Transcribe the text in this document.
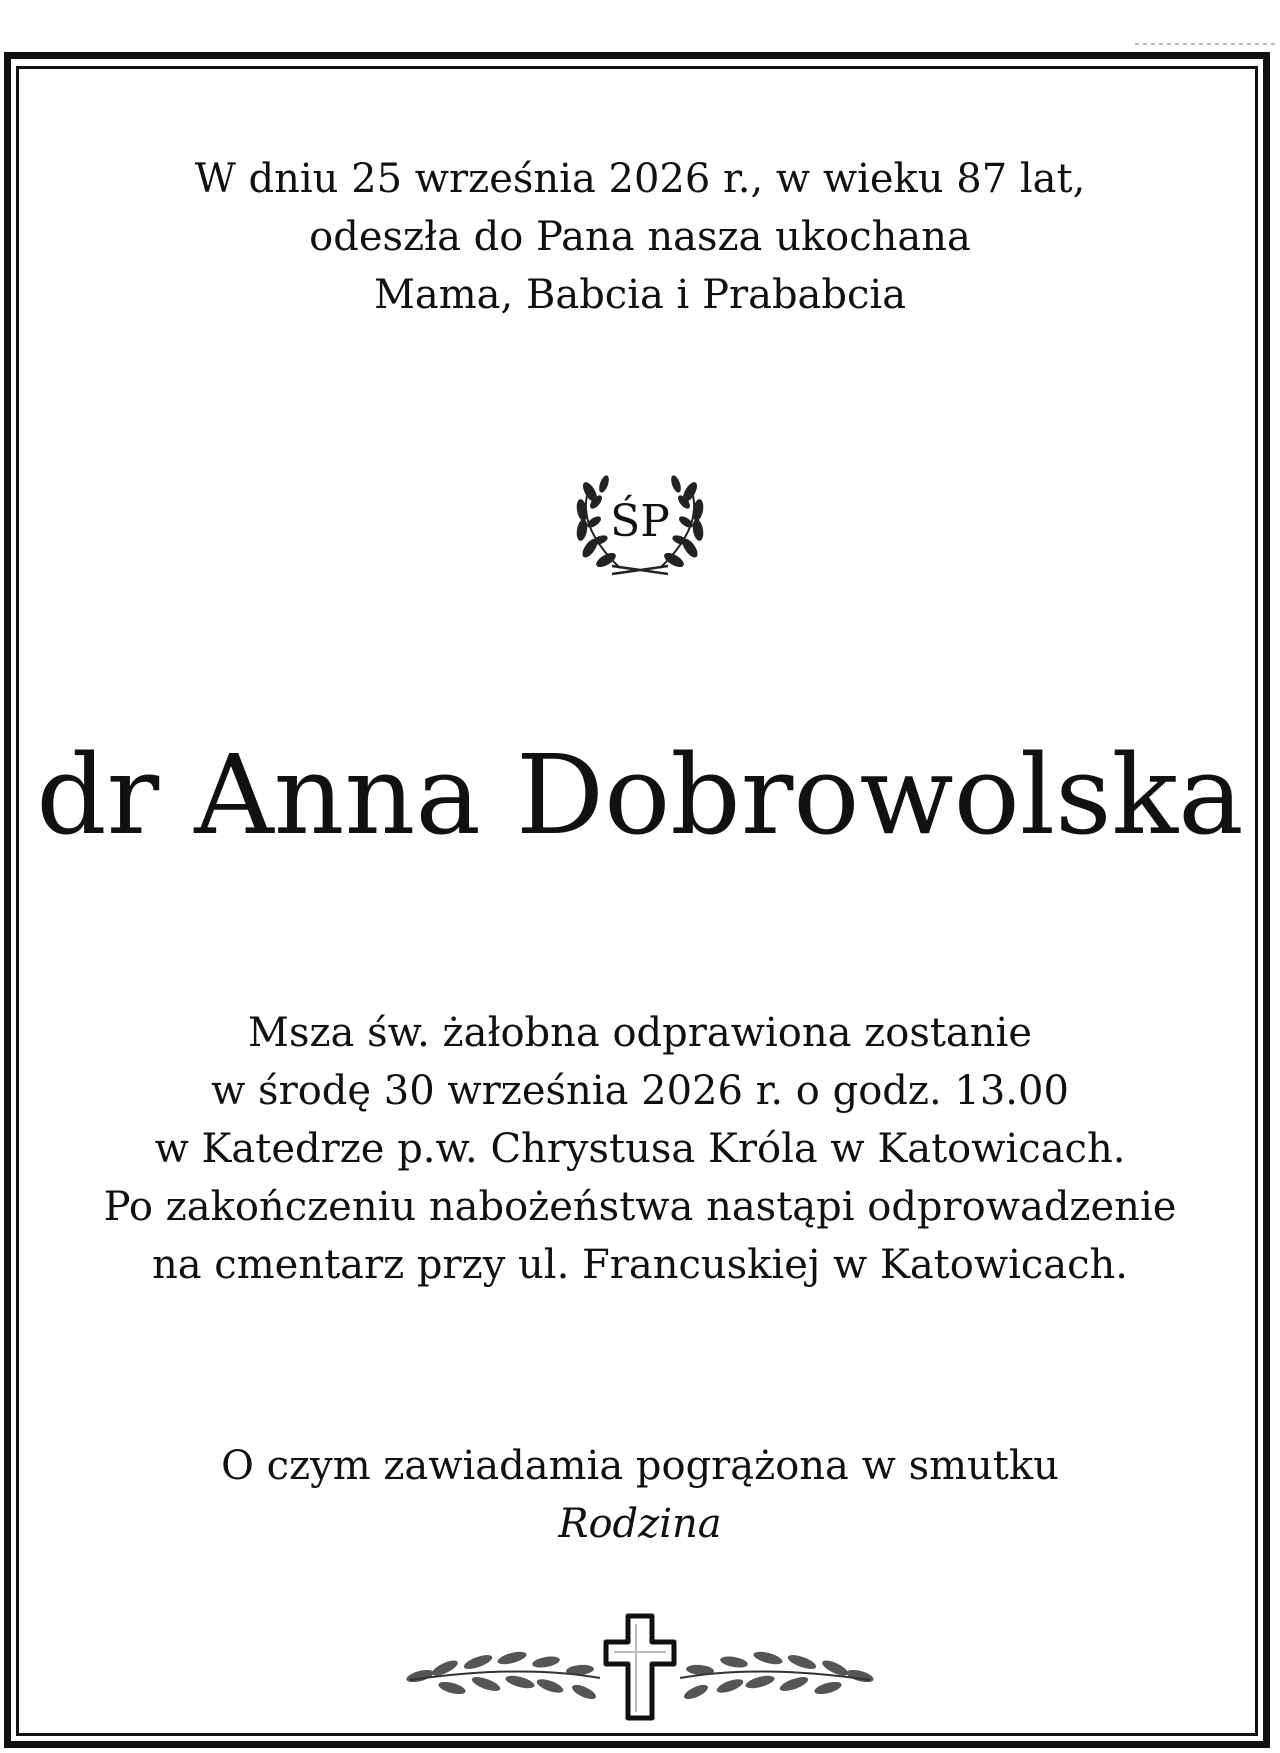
W dniu 25 września 2026 r., w wieku 87 lat,
odeszła do Pana nasza ukochana
Mama, Babcia i Prababcia
ŚP
dr Anna Dobrowolska
Msza św. żałobna odprawiona zostanie
w środę 30 września 2026 r. o godz. 13.00
w Katedrze p.w. Chrystusa Króla w Katowicach.
Po zakończeniu nabożeństwa nastąpi odprowadzenie
na cmentarz przy ul. Francuskiej w Katowicach.
O czym zawiadamia pogrążona w smutku
Rodzina
